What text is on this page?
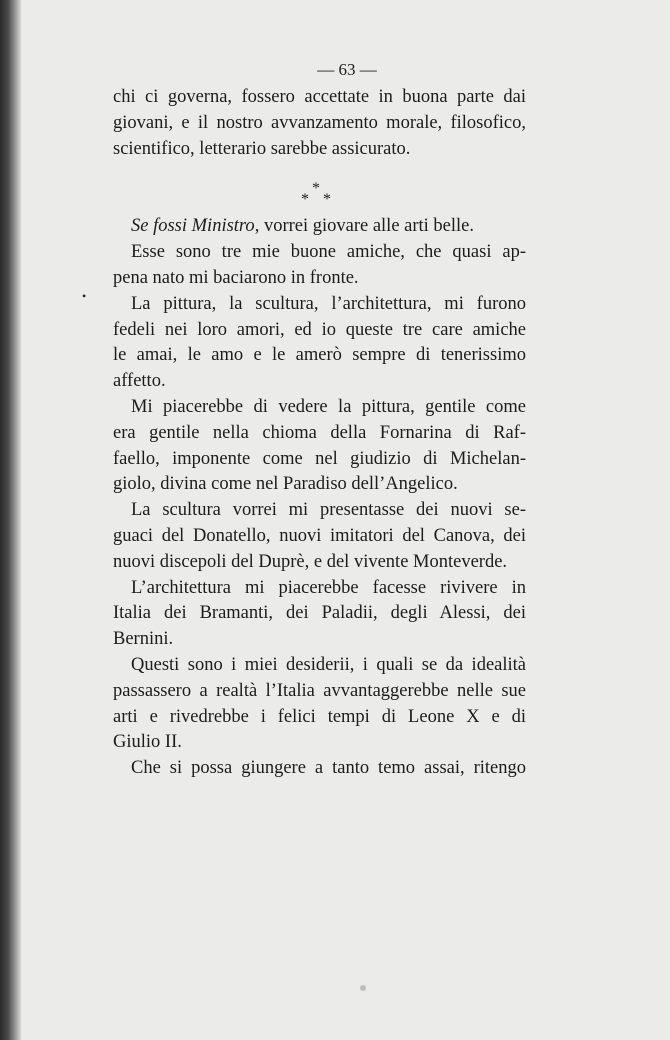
— 63 —
•
chi ci governa, fossero accettate in buona parte dai
giovani, e il nostro avvanzamento morale, filosofico,
scientifico, letterario sarebbe assicurato.
*
* *
Se fossi Ministro, vorrei giovare alle arti belle.
Esse sono tre mie buone amiche, che quasi ap-
pena nato mi baciarono in fronte.
La pittura, la scultura, l’architettura, mi furono
fedeli nei loro amori, ed io queste tre care amiche
le amai, le amo e le amerò sempre di tenerissimo
affetto.
Mi piacerebbe di vedere la pittura, gentile come
era gentile nella chioma della Fornarina di Raf-
faello, imponente come nel giudizio di Michelan-
giolo, divina come nel Paradiso dell’Angelico.
La scultura vorrei mi presentasse dei nuovi se-
guaci del Donatello, nuovi imitatori del Canova, dei
nuovi discepoli del Duprè, e del vivente Monteverde.
L’architettura mi piacerebbe facesse rivivere in
Italia dei Bramanti, dei Paladii, degli Alessi, dei
Bernini.
Questi sono i miei desiderii, i quali se da idealità
passassero a realtà l’Italia avvantaggerebbe nelle sue
arti e rivedrebbe i felici tempi di Leone X e di
Giulio II.
Che si possa giungere a tanto temo assai, ritengo
